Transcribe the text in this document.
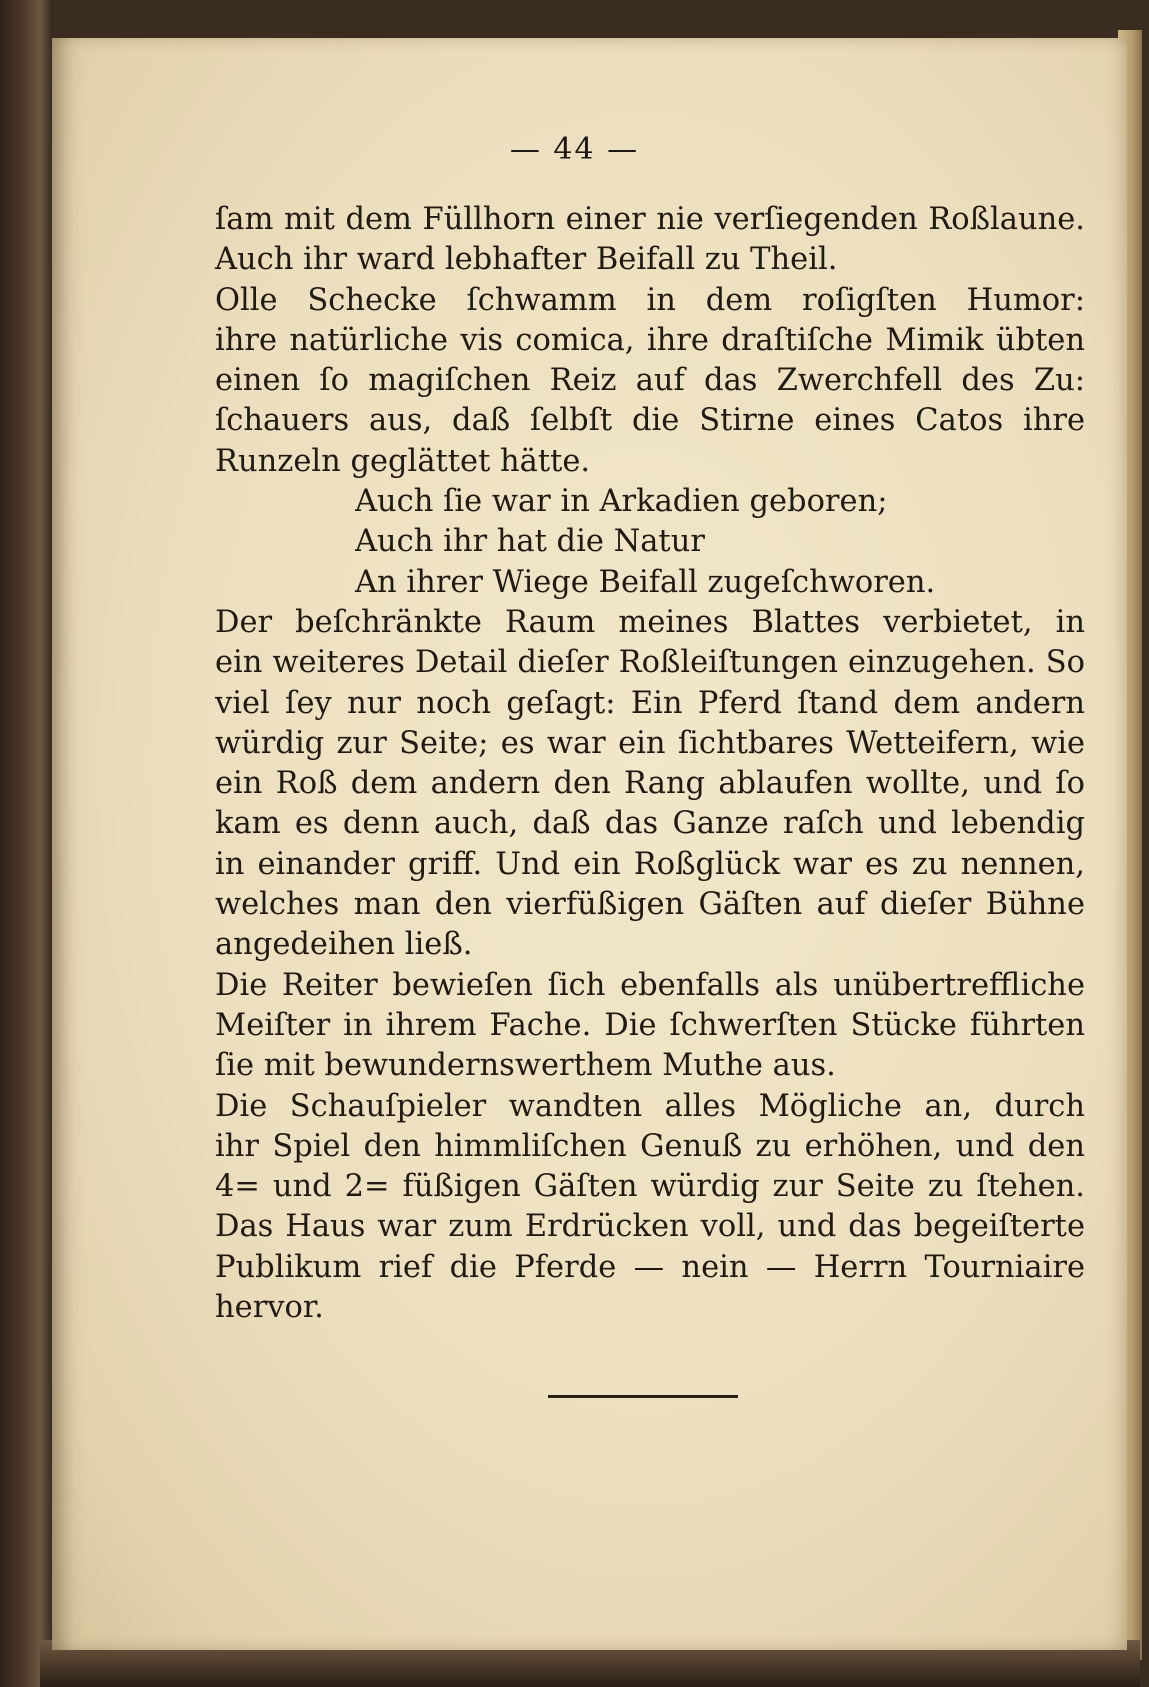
— 44 —
ſam mit dem Füllhorn einer nie verſiegenden Roßlaune.
Auch ihr ward lebhafter Beifall zu Theil.
Olle Schecke ſchwamm in dem roſigſten Humor:
ihre natürliche vis comica, ihre draſtiſche Mimik übten
einen ſo magiſchen Reiz auf das Zwerchfell des Zu:
ſchauers aus, daß ſelbſt die Stirne eines Catos ihre
Runzeln geglättet hätte.
Auch ſie war in Arkadien geboren;
Auch ihr hat die Natur
An ihrer Wiege Beifall zugeſchworen.
Der beſchränkte Raum meines Blattes verbietet, in
ein weiteres Detail dieſer Roßleiſtungen einzugehen. So
viel ſey nur noch geſagt: Ein Pferd ſtand dem andern
würdig zur Seite; es war ein ſichtbares Wetteifern, wie
ein Roß dem andern den Rang ablaufen wollte, und ſo
kam es denn auch, daß das Ganze raſch und lebendig
in einander griff. Und ein Roßglück war es zu nennen,
welches man den vierfüßigen Gäſten auf dieſer Bühne
angedeihen ließ.
Die Reiter bewieſen ſich ebenfalls als unübertreffliche
Meiſter in ihrem Fache. Die ſchwerſten Stücke führten
ſie mit bewundernswerthem Muthe aus.
Die Schauſpieler wandten alles Mögliche an, durch
ihr Spiel den himmliſchen Genuß zu erhöhen, und den
4= und 2= füßigen Gäſten würdig zur Seite zu ſtehen.
Das Haus war zum Erdrücken voll, und das begeiſterte
Publikum rief die Pferde — nein — Herrn Tourniaire
hervor.
